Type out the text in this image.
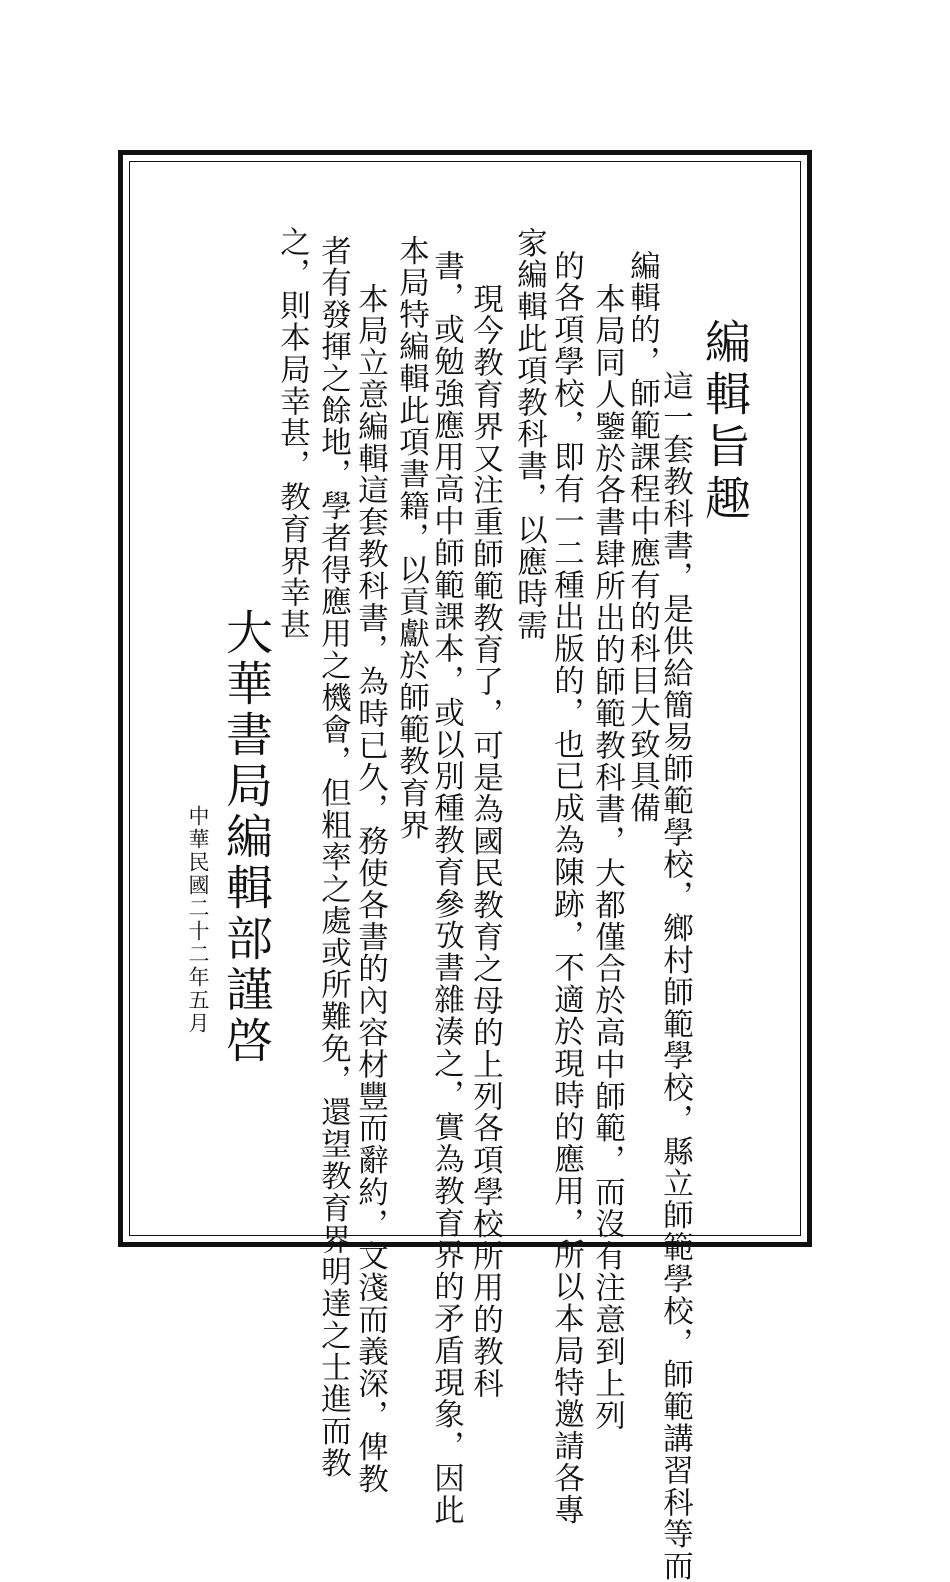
編輯旨趣
這一套教科書，是供給簡易師範學校，鄉村師範學校，縣立師範學校，師範講習科等而
編輯的，師範課程中應有的科目大致具備
本局同人鑒於各書肆所出的師範教科書，大都僅合於高中師範，而沒有注意到上列
的各項學校，即有一二種出版的，也已成為陳跡，不適於現時的應用，所以本局特邀請各專
家編輯此項教科書，以應時需
現今教育界又注重師範教育了，可是為國民教育之母的上列各項學校所用的教科
書，或勉強應用高中師範課本，或以別種教育參攷書雜湊之，實為教育界的矛盾現象，因此
本局特編輯此項書籍，以貢獻於師範教育界
本局立意編輯這套教科書，為時已久，務使各書的內容材豐而辭約，文淺而義深，俾教
者有發揮之餘地，學者得應用之機會，但粗率之處或所難免，還望教育界明達之士進而教
之，則本局幸甚，教育界幸甚
大華書局編輯部謹啓
中華民國二十二年五月
